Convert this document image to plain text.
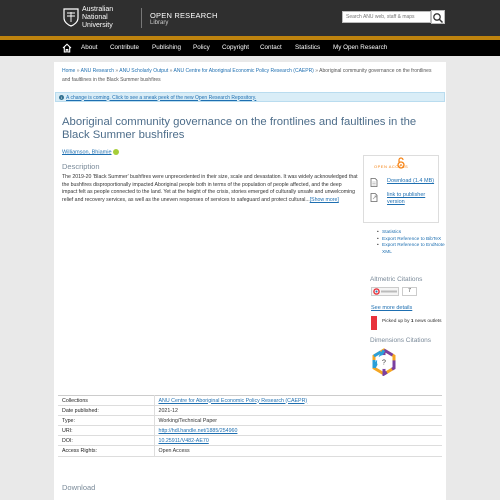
Australian
National
University
OPEN RESEARCH
Library
Search ANU web, staff & maps
About Contribute Publishing Policy Copyright Contact Statistics My Open Research
Home » ANU Research » ANU Scholarly Output » ANU Centre for Aboriginal Economic Policy Research (CAEPR) » Aboriginal community governance on the frontlines and faultlines in the Black Summer bushfires
i A change is coming. Click to see a sneak peek of the new Open Research Repository.
Aboriginal community governance on the frontlines and faultlines in the Black Summer bushfires
Williamson, Bhiamie
Description
The 2019-20 'Black Summer' bushfires were unprecedented in their size, scale and devastation. It was widely acknowledged that the bushfires disproportionally impacted Aboriginal people both in terms of the population of people affected, and the deep impact felt as people connected to the land. Yet at the height of the crisis, stories emerged of culturally unsafe and unwelcoming relief and recovery services, as well as the uneven responses of services to safeguard and protect cultural...[Show more]
OPEN ACCESS
Download (1.4 MB)
link to publisher version
• Statistics
• Export Reference to BibTeX
• Export Reference to EndNote XML
Altmetric Citations
7
See more details
Picked up by 1 news outlets
Dimensions Citations
?
Collections	ANU Centre for Aboriginal Economic Policy Research (CAEPR)
Date published:	2021-12
Type:	Working/Technical Paper
URI:	http://hdl.handle.net/1885/254960
DOI:	10.25911/V482-AE70
Access Rights:	Open Access
Download
